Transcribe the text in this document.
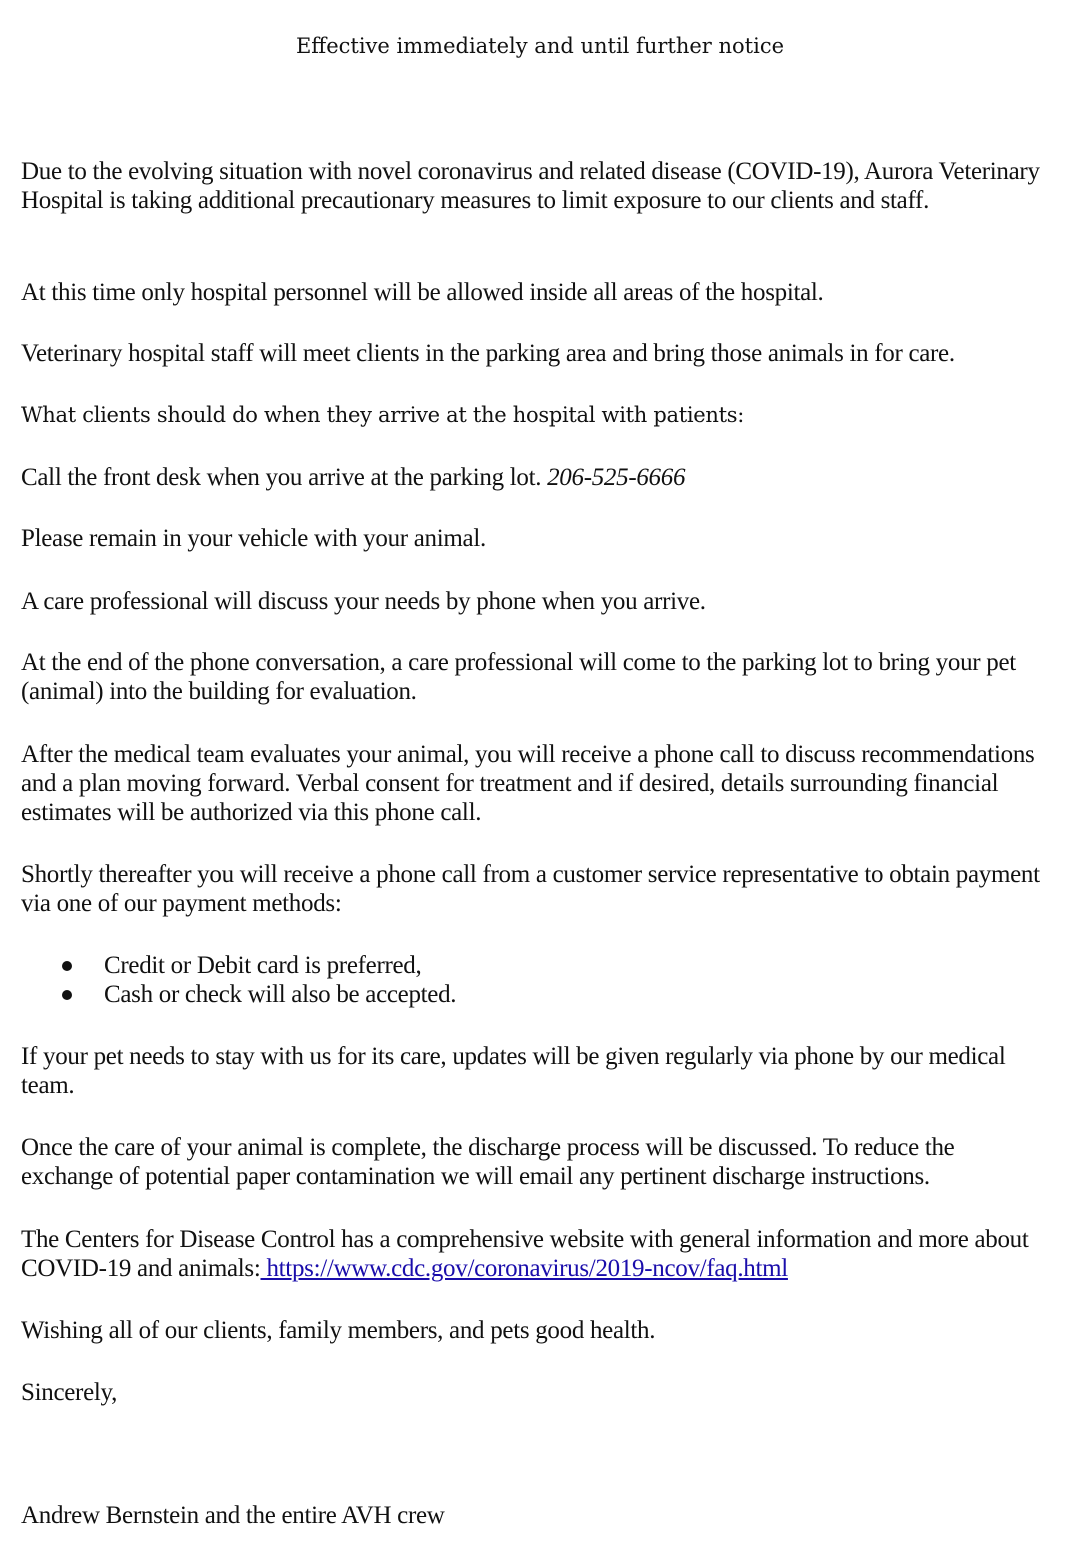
Effective immediately and until further notice

Due to the evolving situation with novel coronavirus and related disease (COVID-19), Aurora Veterinary Hospital is taking additional precautionary measures to limit exposure to our clients and staff.

At this time only hospital personnel will be allowed inside all areas of the hospital.

Veterinary hospital staff will meet clients in the parking area and bring those animals in for care.

What clients should do when they arrive at the hospital with patients:

Call the front desk when you arrive at the parking lot. 206-525-6666

Please remain in your vehicle with your animal.

A care professional will discuss your needs by phone when you arrive.

At the end of the phone conversation, a care professional will come to the parking lot to bring your pet (animal) into the building for evaluation.

After the medical team evaluates your animal, you will receive a phone call to discuss recommendations and a plan moving forward. Verbal consent for treatment and if desired, details surrounding financial estimates will be authorized via this phone call.

Shortly thereafter you will receive a phone call from a customer service representative to obtain payment via one of our payment methods:

Credit or Debit card is preferred,
Cash or check will also be accepted.

If your pet needs to stay with us for its care, updates will be given regularly via phone by our medical team.

Once the care of your animal is complete, the discharge process will be discussed. To reduce the exchange of potential paper contamination we will email any pertinent discharge instructions.

The Centers for Disease Control has a comprehensive website with general information and more about COVID-19 and animals: https://www.cdc.gov/coronavirus/2019-ncov/faq.html

Wishing all of our clients, family members, and pets good health.

Sincerely,

Andrew Bernstein and the entire AVH crew
